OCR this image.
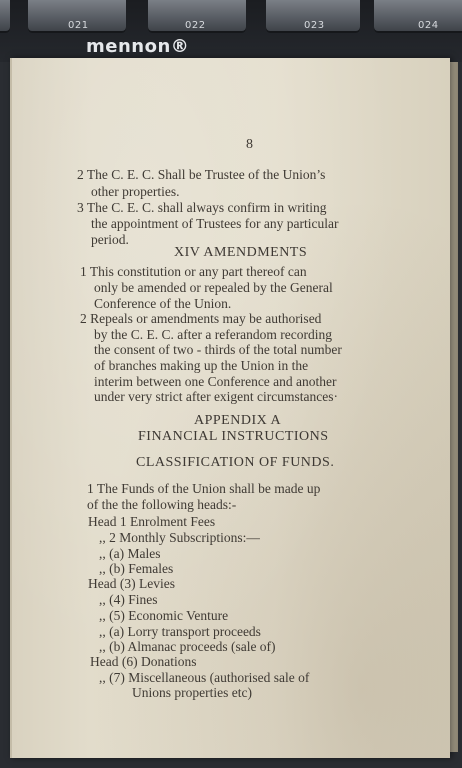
021	022	023	024
mennon®
8
2 The C. E. C. Shall be Trustee of the Union’s
other properties.
3 The C. E. C. shall always confirm in writing
the appointment of Trustees for any particular
period.
XIV AMENDMENTS
1 This constitution or any part thereof can
only be amended or repealed by the General
Conference of the Union.
2 Repeals or amendments may be authorised
by the C. E. C. after a referandom recording
the consent of two - thirds of the total number
of branches making up the Union in the
interim between one Conference and another
under very strict after exigent circumstances·
APPENDIX A
FINANCIAL INSTRUCTIONS
CLASSIFICATION OF FUNDS.
1 The Funds of the Union shall be made up
of the the following heads:-
Head 1 Enrolment Fees
,, 2 Monthly Subscriptions:—
,, (a) Males
,, (b) Females
Head (3) Levies
,, (4) Fines
,, (5) Economic Venture
,, (a) Lorry transport proceeds
,, (b) Almanac proceeds (sale of)
Head (6) Donations
,, (7) Miscellaneous (authorised sale of
Unions properties etc)
